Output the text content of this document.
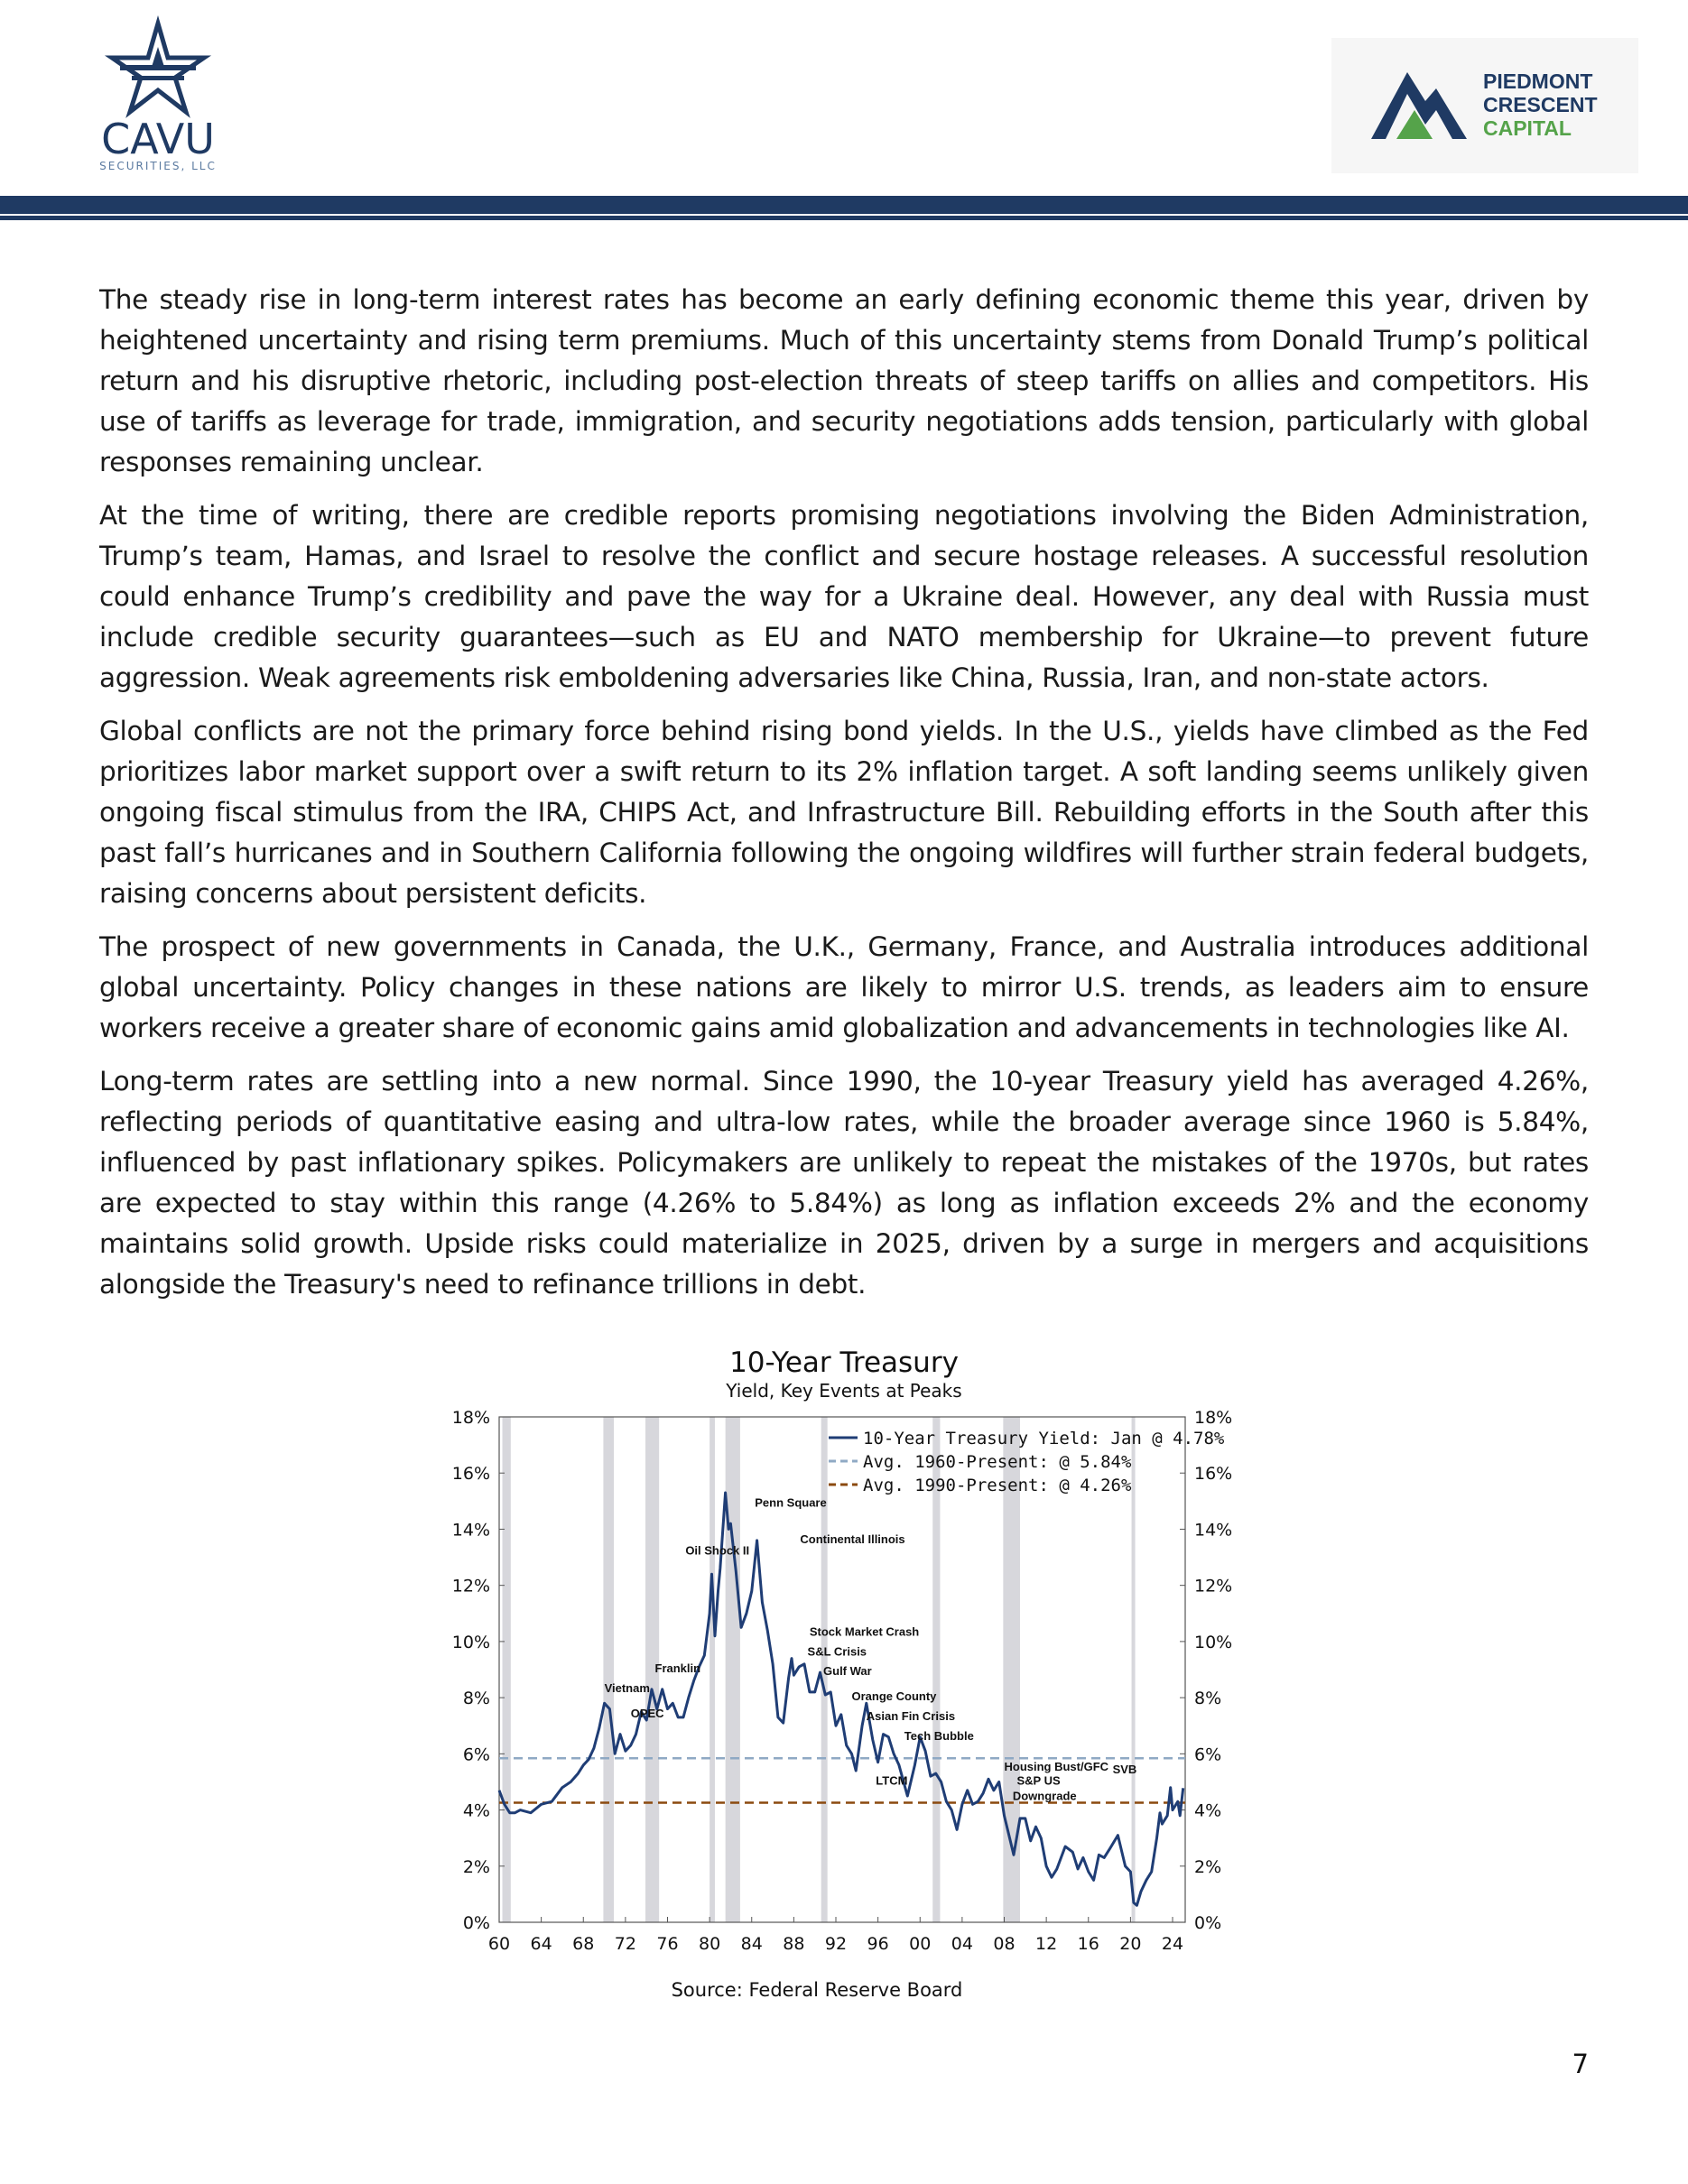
CAVU
SECURITIES, LLC
PIEDMONT
CRESCENT
CAPITAL

The steady rise in long-term interest rates has become an early defining economic theme this year, driven by heightened uncertainty and rising term premiums. Much of this uncertainty stems from Donald Trump’s political return and his disruptive rhetoric, including post-election threats of steep tariffs on allies and competitors. His use of tariffs as leverage for trade, immigration, and security negotiations adds tension, particularly with global responses remaining unclear.

At the time of writing, there are credible reports promising negotiations involving the Biden Administration, Trump’s team, Hamas, and Israel to resolve the conflict and secure hostage releases. A successful resolution could enhance Trump’s credibility and pave the way for a Ukraine deal. However, any deal with Russia must include credible security guarantees—such as EU and NATO membership for Ukraine—to prevent future aggression. Weak agreements risk emboldening adversaries like China, Russia, Iran, and non-state actors.

Global conflicts are not the primary force behind rising bond yields. In the U.S., yields have climbed as the Fed prioritizes labor market support over a swift return to its 2% inflation target. A soft landing seems unlikely given ongoing fiscal stimulus from the IRA, CHIPS Act, and Infrastructure Bill. Rebuilding efforts in the South after this past fall’s hurricanes and in Southern California following the ongoing wildfires will further strain federal budgets, raising concerns about persistent deficits.

The prospect of new governments in Canada, the U.K., Germany, France, and Australia introduces additional global uncertainty. Policy changes in these nations are likely to mirror U.S. trends, as leaders aim to ensure workers receive a greater share of economic gains amid globalization and advancements in technologies like AI.

Long-term rates are settling into a new normal. Since 1990, the 10-year Treasury yield has averaged 4.26%, reflecting periods of quantitative easing and ultra-low rates, while the broader average since 1960 is 5.84%, influenced by past inflationary spikes. Policymakers are unlikely to repeat the mistakes of the 1970s, but rates are expected to stay within this range (4.26% to 5.84%) as long as inflation exceeds 2% and the economy maintains solid growth. Upside risks could materialize in 2025, driven by a surge in mergers and acquisitions alongside the Treasury's need to refinance trillions in debt.

10-Year Treasury
Yield, Key Events at Peaks
0%	0%
2%	2%
4%	4%
6%	6%
8%	8%
10%	10%
12%	12%
14%	14%
16%	16%
18%	18%
60 64 68 72 76 80 84 88 92 96 00 04 08 12 16 20 24
Vietnam
OPEC
Franklin
Oil Shock II
Penn Square
Continental Illinois
Stock Market Crash
S&L Crisis
Gulf War
Orange County
Asian Fin Crisis
Tech Bubble
LTCM
Housing Bust/GFC
S&P US
Downgrade
SVB
10-Year Treasury Yield: Jan @ 4.78%
Avg. 1960-Present: @ 5.84%
Avg. 1990-Present: @ 4.26%
Source: Federal Reserve Board
7
